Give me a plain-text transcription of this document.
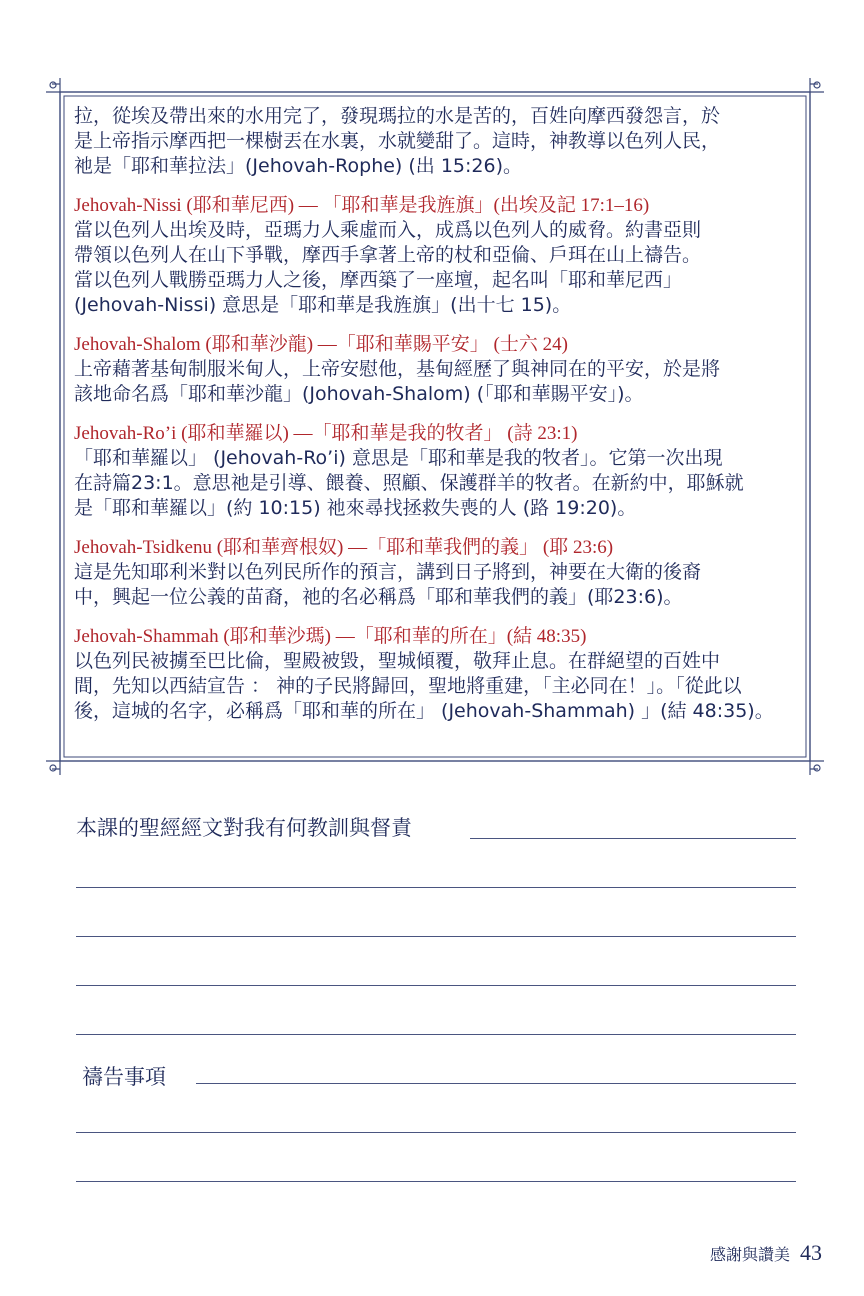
拉，從埃及帶出來的水用完了，發現瑪拉的水是苦的，百姓向摩西發怨言，於

是上帝指示摩西把一棵樹丟在水裏，水就變甜了。這時，神教導以色列人民，

祂是「耶和華拉法」(Jehovah-Rophe) (出 15:26)。

Jehovah-Nissi (耶和華尼西) — 「耶和華是我旌旗」(出埃及記 17:1–16)

當以色列人出埃及時，亞瑪力人乘虛而入，成爲以色列人的威脅。約書亞則

帶領以色列人在山下爭戰，摩西手拿著上帝的杖和亞倫、戶珥在山上禱告。

當以色列人戰勝亞瑪力人之後，摩西築了一座壇，起名叫「耶和華尼西」

(Jehovah-Nissi) 意思是「耶和華是我旌旗」(出十七 15)。

Jehovah-Shalom (耶和華沙龍) —「耶和華賜平安」 (士六 24)

上帝藉著基甸制服米甸人，上帝安慰他，基甸經歷了與神同在的平安，於是將

該地命名爲「耶和華沙龍」(Johovah-Shalom) (「耶和華賜平安」)。

Jehovah-Ro’i (耶和華羅以) —「耶和華是我的牧者」 (詩 23:1)

「耶和華羅以」 (Jehovah-Ro’i) 意思是「耶和華是我的牧者」。它第一次出現

在詩篇23:1。意思祂是引導、餵養、照顧、保護群羊的牧者。在新約中，耶穌就

是「耶和華羅以」(約 10:15) 祂來尋找拯救失喪的人 (路 19:20)。

Jehovah-Tsidkenu (耶和華齊根奴) —「耶和華我們的義」 (耶 23:6)

這是先知耶利米對以色列民所作的預言，講到日子將到，神要在大衛的後裔

中，興起一位公義的苗裔，祂的名必稱爲「耶和華我們的義」(耶23:6)。

Jehovah-Shammah (耶和華沙瑪) —「耶和華的所在」(結 48:35)

以色列民被擄至巴比倫，聖殿被毀，聖城傾覆，敬拜止息。在群絕望的百姓中

間，先知以西結宣告 ： 神的子民將歸回，聖地將重建，「主必同在！」。「從此以

後，這城的名字，必稱爲「耶和華的所在」 (Jehovah-Shammah) 」(結 48:35)。

本課的聖經經文對我有何教訓與督責
禱告事項
感謝與讚美 43
